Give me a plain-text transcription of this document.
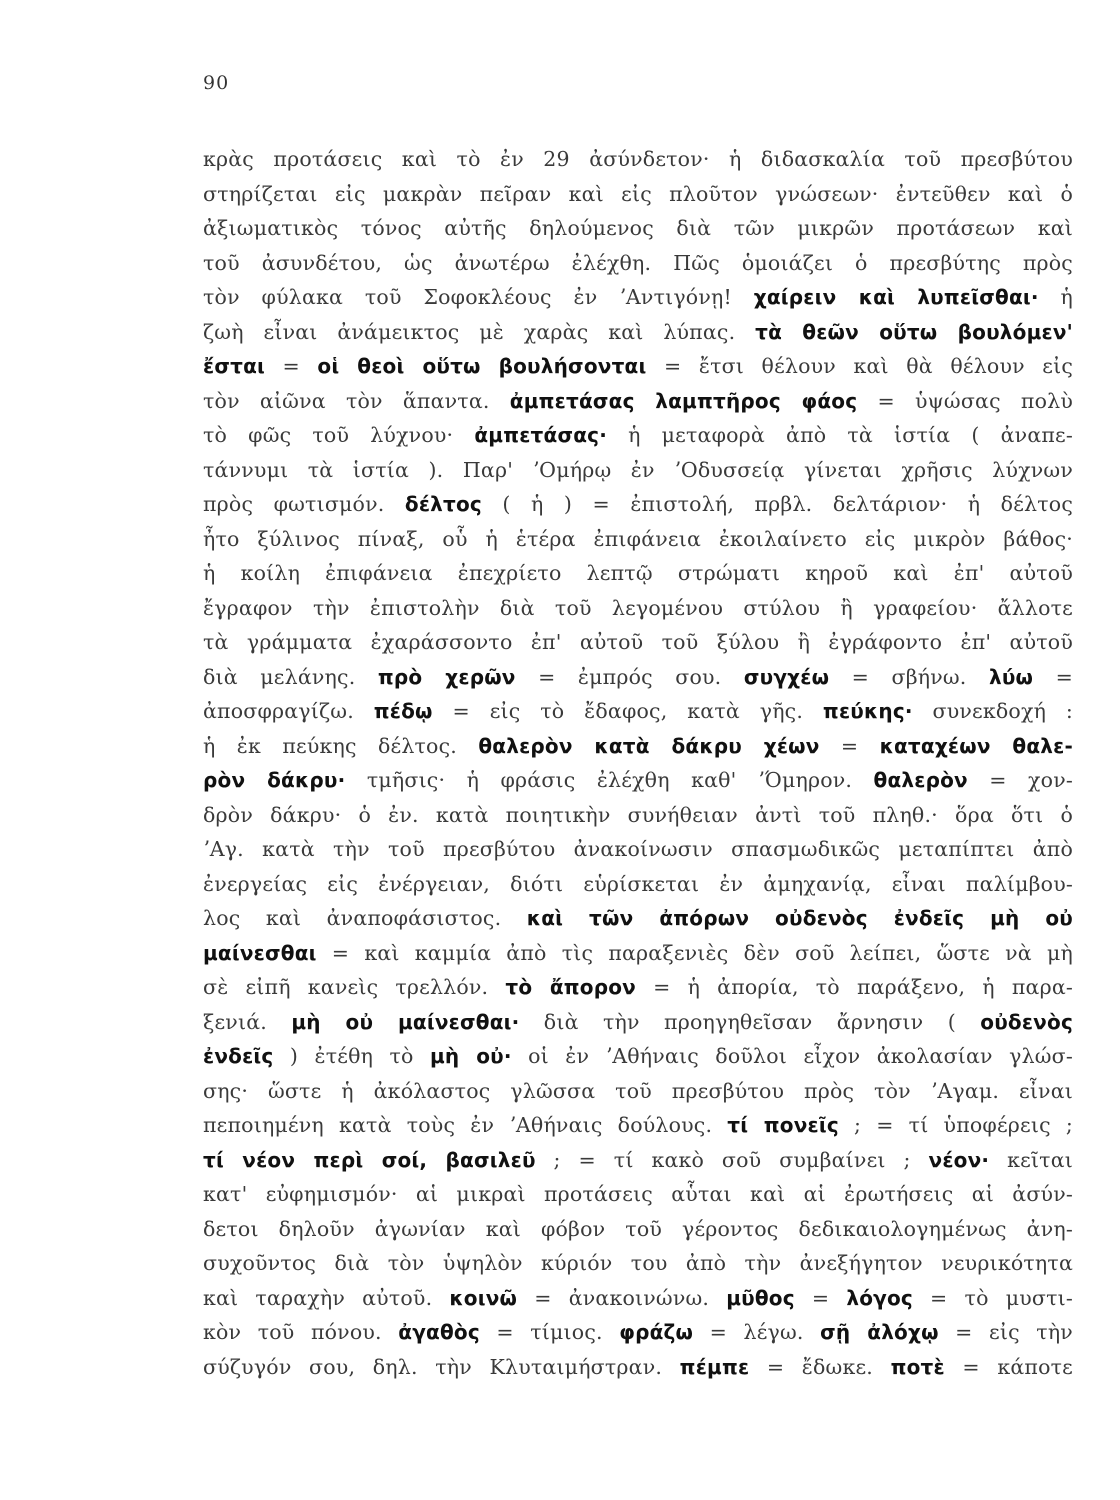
90
κρὰς προτάσεις καὶ τὸ ἐν 29 ἀσύνδετον· ἡ διδασκαλία τοῦ πρεσβύτου
στηρίζεται εἰς μακρὰν πεῖραν καὶ εἰς πλοῦτον γνώσεων· ἐντεῦθεν καὶ ὁ
ἀξιωματικὸς τόνος αὐτῆς δηλούμενος διὰ τῶν μικρῶν προτάσεων καὶ
τοῦ ἀσυνδέτου, ὡς ἀνωτέρω ἐλέχθη. Πῶς ὁμοιάζει ὁ πρεσβύτης πρὸς
τὸν φύλακα τοῦ Σοφοκλέους ἐν ʼΑντιγόνῃ! χαίρειν καὶ λυπεῖσθαι· ἡ
ζωὴ εἶναι ἀνάμεικτος μὲ χαρὰς καὶ λύπας. τὰ θεῶν οὕτω βουλόμεν'
ἔσται = οἱ θεοὶ οὕτω βουλήσονται = ἔτσι θέλουν καὶ θὰ θέλουν εἰς
τὸν αἰῶνα τὸν ἅπαντα. ἀμπετάσας λαμπτῆρος φάος = ὑψώσας πολὺ
τὸ φῶς τοῦ λύχνου· ἀμπετάσας· ἡ μεταφορὰ ἀπὸ τὰ ἱστία ( ἀναπε-
τάννυμι τὰ ἱστία ). Παρ' ʼΟμήρῳ ἐν ʼΟδυσσείᾳ γίνεται χρῆσις λύχνων
πρὸς φωτισμόν. δέλτος ( ἡ ) = ἐπιστολή, πρβλ. δελτάριον· ἡ δέλτος
ἦτο ξύλινος πίναξ, οὗ ἡ ἑτέρα ἐπιφάνεια ἐκοιλαίνετο εἰς μικρὸν βάθος·
ἡ κοίλη ἐπιφάνεια ἐπεχρίετο λεπτῷ στρώματι κηροῦ καὶ ἐπ' αὐτοῦ
ἔγραφον τὴν ἐπιστολὴν διὰ τοῦ λεγομένου στύλου ἢ γραφείου· ἄλλοτε
τὰ γράμματα ἐχαράσσοντο ἐπ' αὐτοῦ τοῦ ξύλου ἢ ἐγράφοντο ἐπ' αὐτοῦ
διὰ μελάνης. πρὸ χερῶν = ἐμπρός σου. συγχέω = σβήνω. λύω =
ἀποσφραγίζω. πέδῳ = εἰς τὸ ἔδαφος, κατὰ γῆς. πεύκης· συνεκδοχή :
ἡ ἐκ πεύκης δέλτος. θαλερὸν κατὰ δάκρυ χέων = καταχέων θαλε-
ρὸν δάκρυ· τμῆσις· ἡ φράσις ἐλέχθη καθ' ʼΌμηρον. θαλερὸν = χον-
δρὸν δάκρυ· ὁ ἐν. κατὰ ποιητικὴν συνήθειαν ἀντὶ τοῦ πληθ.· ὅρα ὅτι ὁ
ʼΑγ. κατὰ τὴν τοῦ πρεσβύτου ἀνακοίνωσιν σπασμωδικῶς μεταπίπτει ἀπὸ
ἐνεργείας εἰς ἐνέργειαν, διότι εὑρίσκεται ἐν ἀμηχανίᾳ, εἶναι παλίμβου-
λος καὶ ἀναποφάσιστος. καὶ τῶν ἀπόρων οὐδενὸς ἐνδεῖς μὴ οὐ
μαίνεσθαι = καὶ καμμία ἀπὸ τὶς παραξενιὲς δὲν σοῦ λείπει, ὥστε νὰ μὴ
σὲ εἰπῆ κανεὶς τρελλόν. τὸ ἄπορον = ἡ ἀπορία, τὸ παράξενο, ἡ παρα-
ξενιά. μὴ οὐ μαίνεσθαι· διὰ τὴν προηγηθεῖσαν ἄρνησιν ( οὐδενὸς
ἐνδεῖς ) ἐτέθη τὸ μὴ οὐ· οἱ ἐν ʼΑθήναις δοῦλοι εἶχον ἀκολασίαν γλώσ-
σης· ὥστε ἡ ἀκόλαστος γλῶσσα τοῦ πρεσβύτου πρὸς τὸν ʼΑγαμ. εἶναι
πεποιημένη κατὰ τοὺς ἐν ʼΑθήναις δούλους. τί πονεῖς ; = τί ὑποφέρεις ;
τί νέον περὶ σοί, βασιλεῦ ; = τί κακὸ σοῦ συμβαίνει ; νέον· κεῖται
κατ' εὐφημισμόν· αἱ μικραὶ προτάσεις αὗται καὶ αἱ ἐρωτήσεις αἱ ἀσύν-
δετοι δηλοῦν ἀγωνίαν καὶ φόβον τοῦ γέροντος δεδικαιολογημένως ἀνη-
συχοῦντος διὰ τὸν ὑψηλὸν κύριόν του ἀπὸ τὴν ἀνεξήγητον νευρικότητα
καὶ ταραχὴν αὐτοῦ. κοινῶ = ἀνακοινώνω. μῦθος = λόγος = τὸ μυστι-
κὸν τοῦ πόνου. ἀγαθὸς = τίμιος. φράζω = λέγω. σῇ ἀλόχῳ = εἰς τὴν
σύζυγόν σου, δηλ. τὴν Κλυταιμήστραν. πέμπε = ἔδωκε. ποτὲ = κάποτε
